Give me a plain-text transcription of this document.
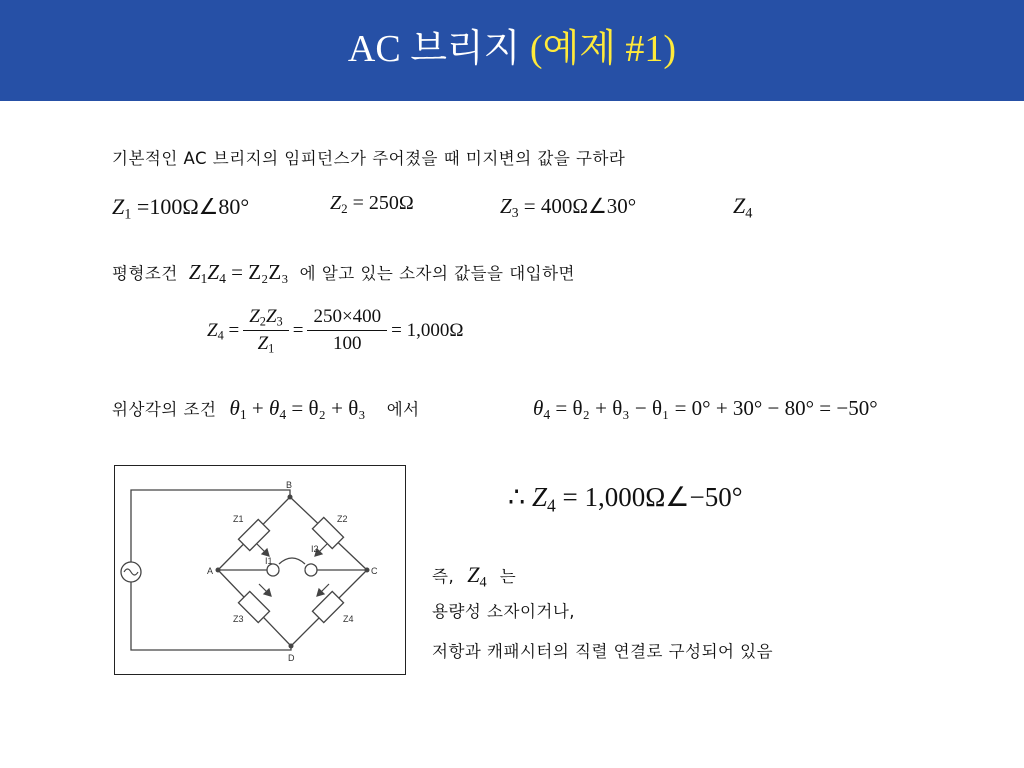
AC 브리지 (예제 #1)
기본적인 AC 브리지의 임피던스가 주어졌을 때 미지변의 값을 구하라
$Z_1$ =100Ω∠80°	$Z_2 = 250\Omega$	$Z_3$ = 400Ω∠30°	$Z_4$
평형조건 $Z_1Z_4 = Z_2Z_3$ 에 알고 있는 소자의 값들을 대입하면
$Z_4 = \frac{Z_2Z_3}{Z_1} = \frac{250\times 400}{100} = 1,000\Omega$
위상각의 조건 $\theta_1 + \theta_4 = \theta_2 + \theta_3$ 에서	$\theta_4 = \theta_2 + \theta_3 - \theta_1 = 0^\circ + 30^\circ - 80^\circ = -50^\circ$
∴ $Z_4$ = 1,000Ω∠−50°
즉, $Z_4$ 는
용량성 소자이거나,
저항과 캐패시터의 직렬 연결로 구성되어 있음
A
B
C
D
Z1	Z2
Z3	Z4
I1
I2
